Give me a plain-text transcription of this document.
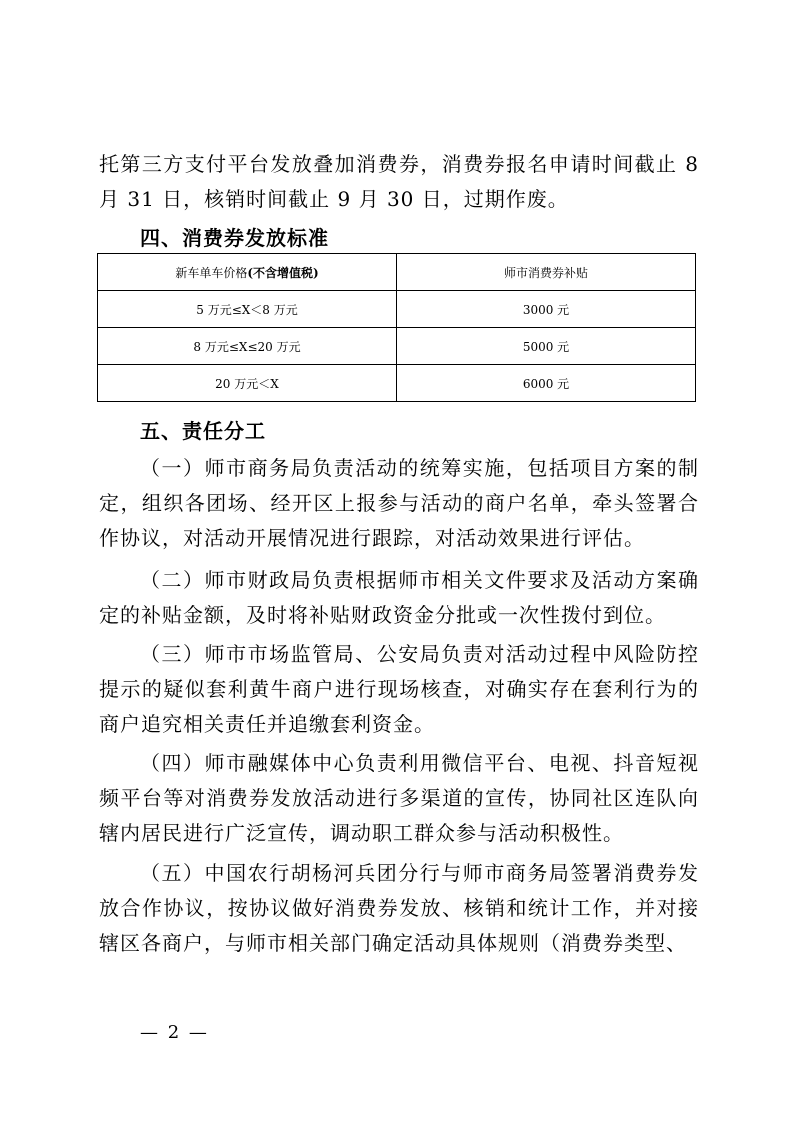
托第三方支付平台发放叠加消费券，消费券报名申请时间截止 8 月 31 日，核销时间截止 9 月 30 日，过期作废。

四、消费券发放标准
新车单车价格(不含增值税)	师市消费券补贴
5 万元≤X＜8 万元	3000 元
8 万元≤X≤20 万元	5000 元
20 万元＜X	6000 元
五、责任分工

（一）师市商务局负责活动的统筹实施，包括项目方案的制定，组织各团场、经开区上报参与活动的商户名单，牵头签署合作协议，对活动开展情况进行跟踪，对活动效果进行评估。

（二）师市财政局负责根据师市相关文件要求及活动方案确定的补贴金额，及时将补贴财政资金分批或一次性拨付到位。

（三）师市市场监管局、公安局负责对活动过程中风险防控提示的疑似套利黄牛商户进行现场核查，对确实存在套利行为的商户追究相关责任并追缴套利资金。

（四）师市融媒体中心负责利用微信平台、电视、抖音短视频平台等对消费券发放活动进行多渠道的宣传，协同社区连队向辖内居民进行广泛宣传，调动职工群众参与活动积极性。

（五）中国农行胡杨河兵团分行与师市商务局签署消费券发放合作协议，按协议做好消费券发放、核销和统计工作，并对接辖区各商户，与师市相关部门确定活动具体规则（消费券类型、

— 2 —
